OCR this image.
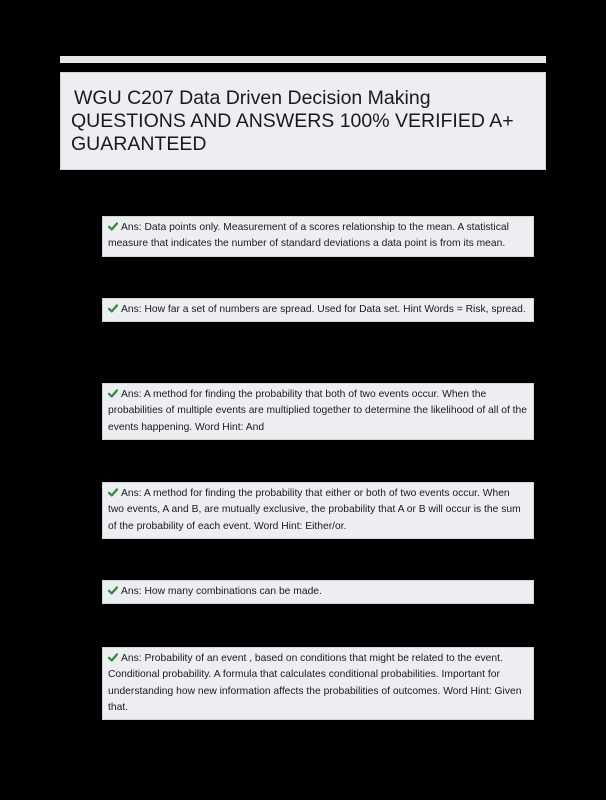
WGU C207 Data Driven Decision Making

QUESTIONS AND ANSWERS 100% VERIFIED A+

GUARANTEED

Ans: Data points only. Measurement of a scores relationship to the mean. A statistical measure that indicates the number of standard deviations a data point is from its mean.
Ans: How far a set of numbers are spread. Used for Data set. Hint Words = Risk, spread.
Ans: A method for finding the probability that both of two events occur. When the probabilities of multiple events are multiplied together to determine the likelihood of all of the events happening. Word Hint: And
Ans: A method for finding the probability that either or both of two events occur. When two events, A and B, are mutually exclusive, the probability that A or B will occur is the sum of the probability of each event. Word Hint: Either/or.
Ans: How many combinations can be made.
Ans: Probability of an event , based on conditions that might be related to the event. Conditional probability. A formula that calculates conditional probabilities. Important for understanding how new information affects the probabilities of outcomes. Word Hint: Given that.
